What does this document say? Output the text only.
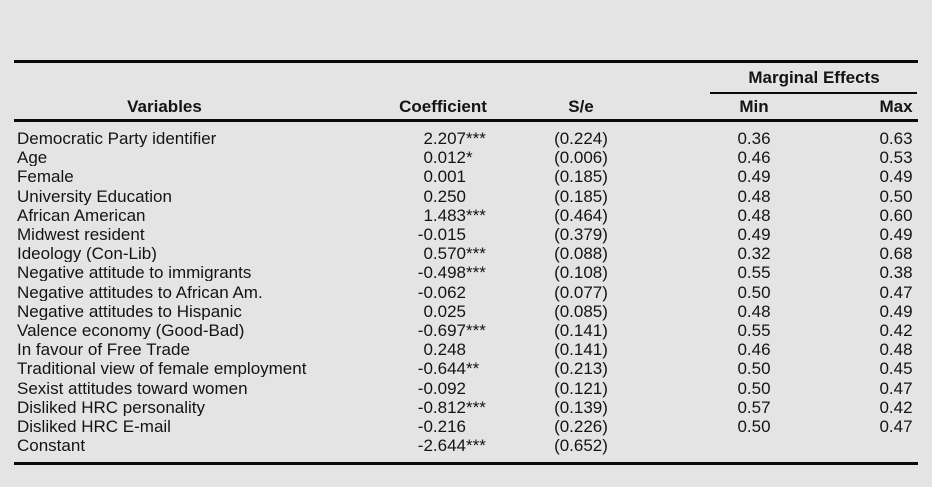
Marginal Effects
Variables	Coefficient	S/e	Min	Max
Democratic Party identifier	2.207 ***	(0.224)	0.36	0.63
Age	0.012 *	(0.006)	0.46	0.53
Female	0.001	(0.185)	0.49	0.49
University Education	0.250	(0.185)	0.48	0.50
African American	1.483 ***	(0.464)	0.48	0.60
Midwest resident	-0.015	(0.379)	0.49	0.49
Ideology (Con-Lib)	0.570 ***	(0.088)	0.32	0.68
Negative attitude to immigrants	-0.498 ***	(0.108)	0.55	0.38
Negative attitudes to African Am.	-0.062	(0.077)	0.50	0.47
Negative attitudes to Hispanic	0.025	(0.085)	0.48	0.49
Valence economy (Good-Bad)	-0.697 ***	(0.141)	0.55	0.42
In favour of Free Trade	0.248	(0.141)	0.46	0.48
Traditional view of female employment	-0.644 **	(0.213)	0.50	0.45
Sexist attitudes toward women	-0.092	(0.121)	0.50	0.47
Disliked HRC personality	-0.812 ***	(0.139)	0.57	0.42
Disliked HRC E-mail	-0.216	(0.226)	0.50	0.47
Constant	-2.644 ***	(0.652)
